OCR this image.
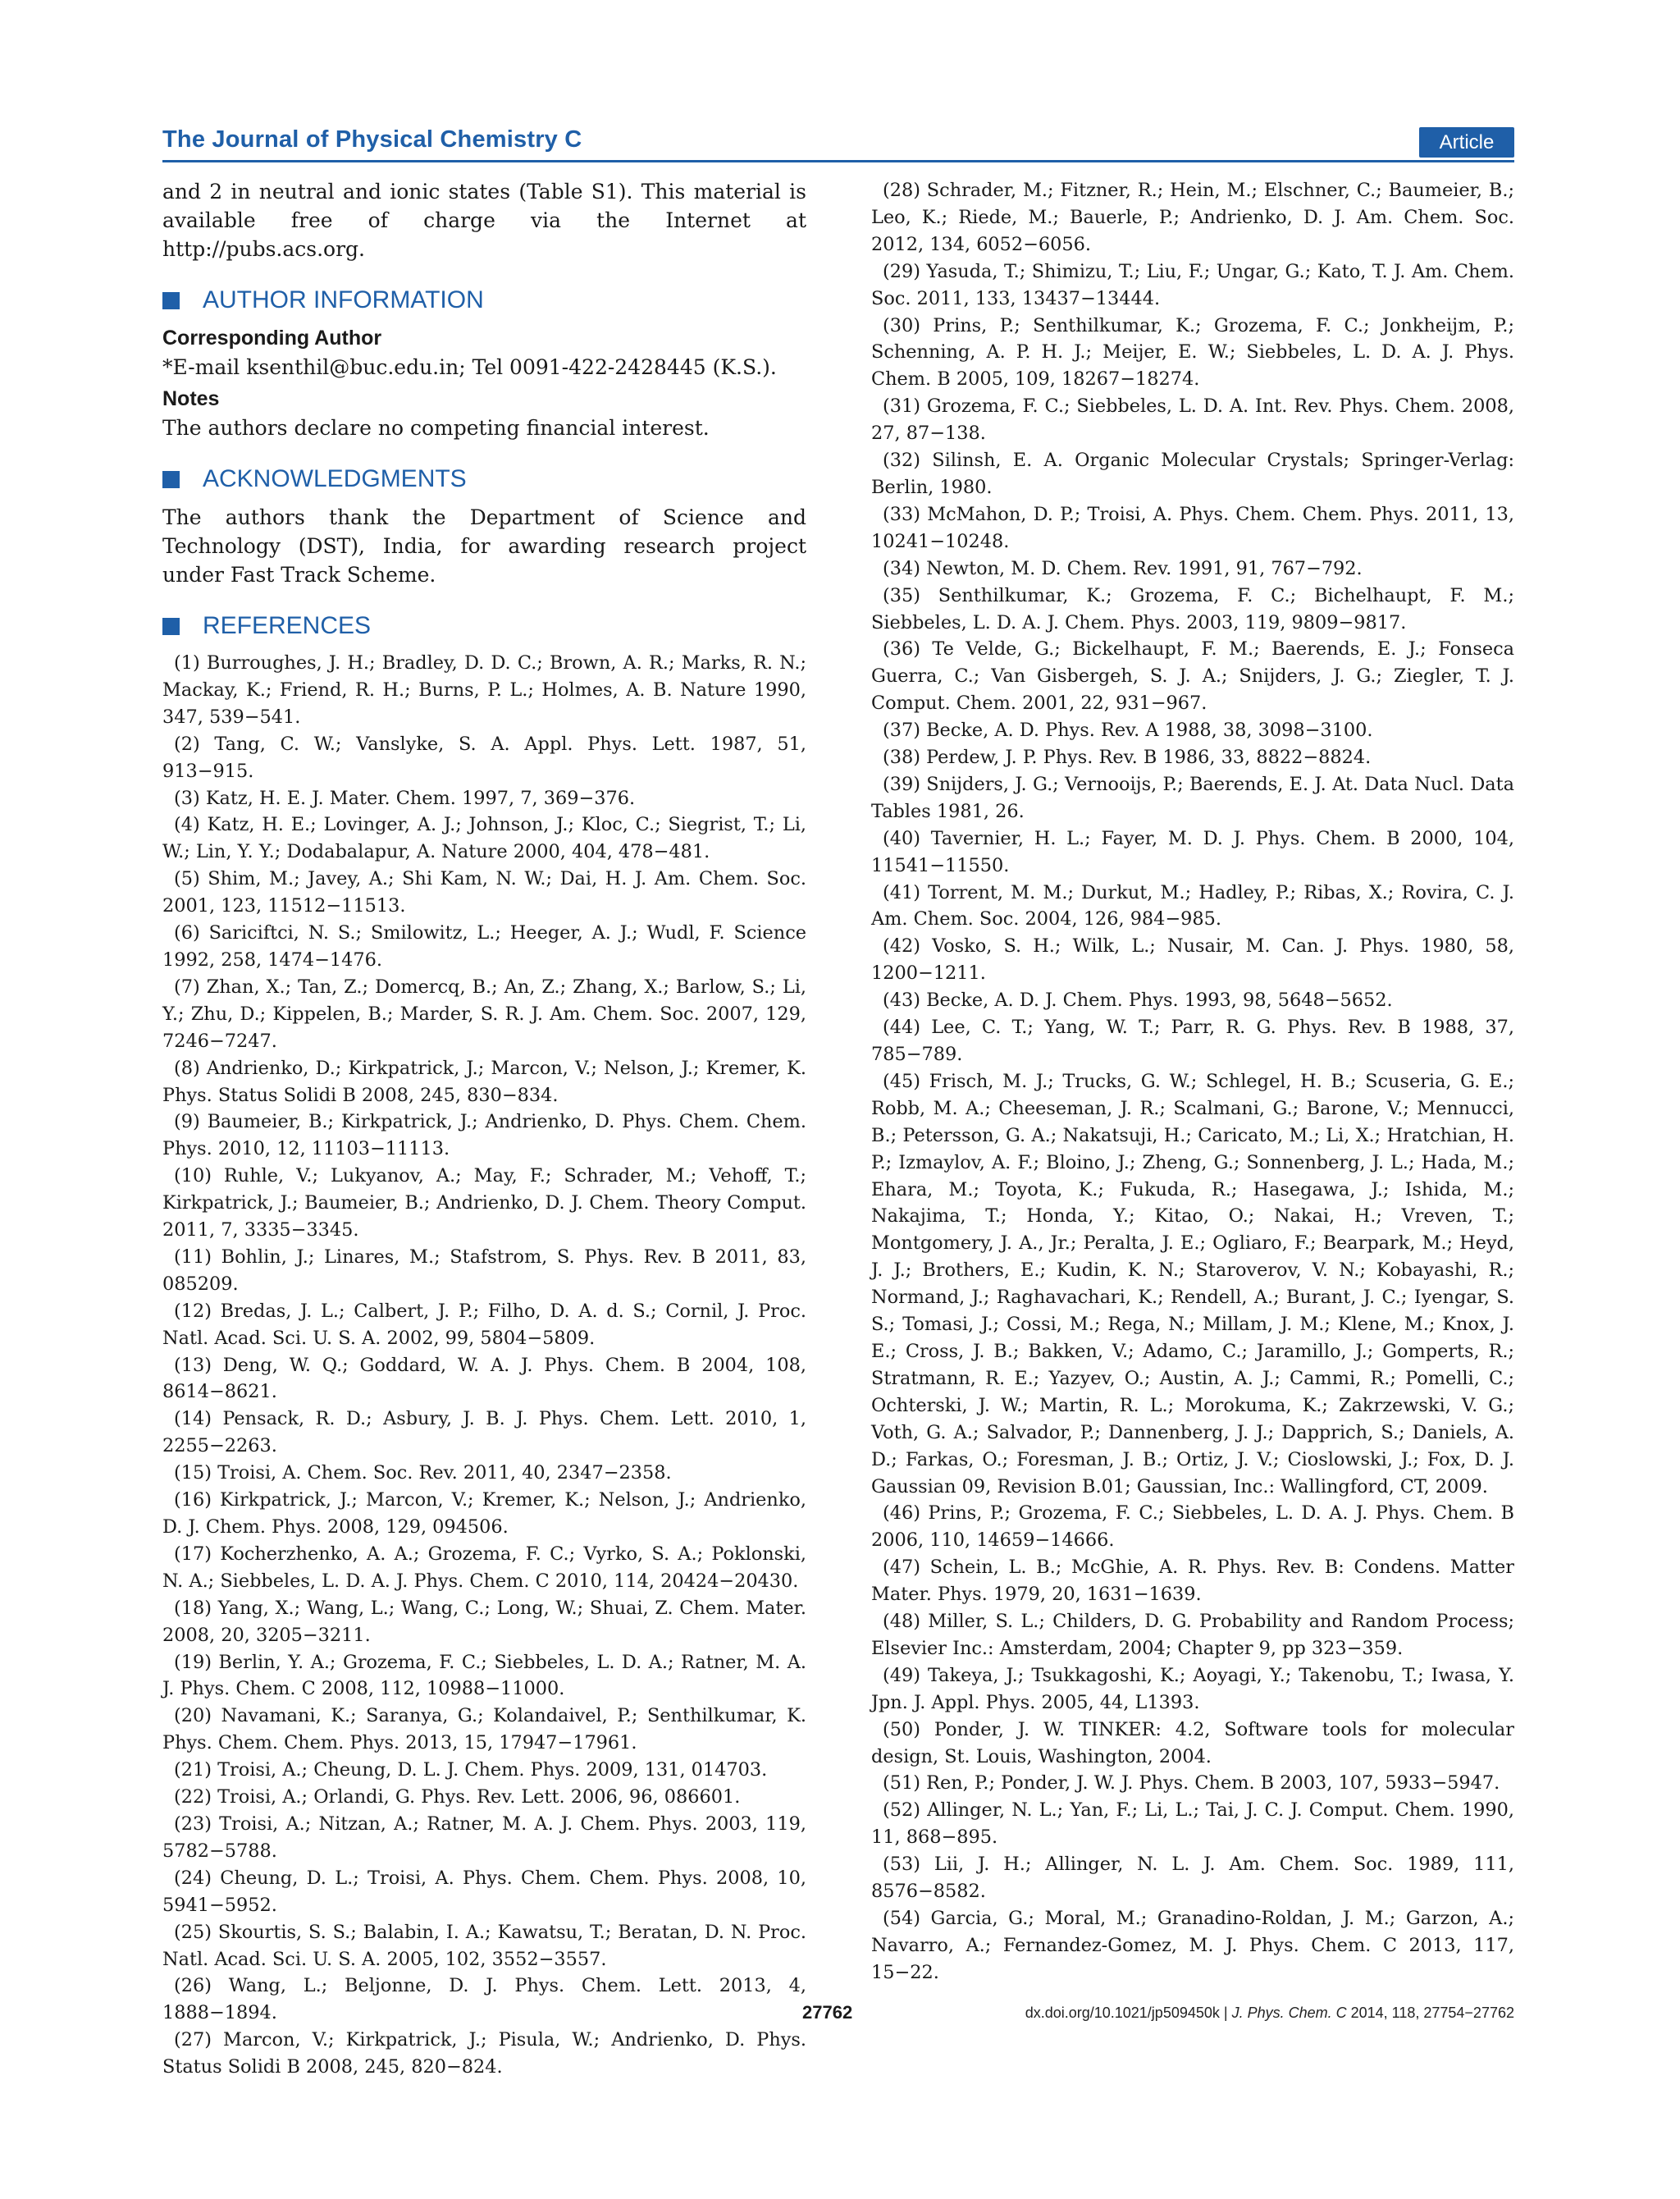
The Journal of Physical Chemistry C	Article

and 2 in neutral and ionic states (Table S1). This material is available free of charge via the Internet at http://pubs.acs.org.

AUTHOR INFORMATION
Corresponding Author

*E-mail ksenthil@buc.edu.in; Tel 0091-422-2428445 (K.S.).

Notes

The authors declare no competing financial interest.

ACKNOWLEDGMENTS

The authors thank the Department of Science and Technology (DST), India, for awarding research project under Fast Track Scheme.

REFERENCES

(1) Burroughes, J. H.; Bradley, D. D. C.; Brown, A. R.; Marks, R. N.; Mackay, K.; Friend, R. H.; Burns, P. L.; Holmes, A. B. Nature 1990, 347, 539−541.

(2) Tang, C. W.; Vanslyke, S. A. Appl. Phys. Lett. 1987, 51, 913−915.

(3) Katz, H. E. J. Mater. Chem. 1997, 7, 369−376.

(4) Katz, H. E.; Lovinger, A. J.; Johnson, J.; Kloc, C.; Siegrist, T.; Li, W.; Lin, Y. Y.; Dodabalapur, A. Nature 2000, 404, 478−481.

(5) Shim, M.; Javey, A.; Shi Kam, N. W.; Dai, H. J. Am. Chem. Soc. 2001, 123, 11512−11513.

(6) Sariciftci, N. S.; Smilowitz, L.; Heeger, A. J.; Wudl, F. Science 1992, 258, 1474−1476.

(7) Zhan, X.; Tan, Z.; Domercq, B.; An, Z.; Zhang, X.; Barlow, S.; Li, Y.; Zhu, D.; Kippelen, B.; Marder, S. R. J. Am. Chem. Soc. 2007, 129, 7246−7247.

(8) Andrienko, D.; Kirkpatrick, J.; Marcon, V.; Nelson, J.; Kremer, K. Phys. Status Solidi B 2008, 245, 830−834.

(9) Baumeier, B.; Kirkpatrick, J.; Andrienko, D. Phys. Chem. Chem. Phys. 2010, 12, 11103−11113.

(10) Ruhle, V.; Lukyanov, A.; May, F.; Schrader, M.; Vehoff, T.; Kirkpatrick, J.; Baumeier, B.; Andrienko, D. J. Chem. Theory Comput. 2011, 7, 3335−3345.

(11) Bohlin, J.; Linares, M.; Stafstrom, S. Phys. Rev. B 2011, 83, 085209.

(12) Bredas, J. L.; Calbert, J. P.; Filho, D. A. d. S.; Cornil, J. Proc. Natl. Acad. Sci. U. S. A. 2002, 99, 5804−5809.

(13) Deng, W. Q.; Goddard, W. A. J. Phys. Chem. B 2004, 108, 8614−8621.

(14) Pensack, R. D.; Asbury, J. B. J. Phys. Chem. Lett. 2010, 1, 2255−2263.

(15) Troisi, A. Chem. Soc. Rev. 2011, 40, 2347−2358.

(16) Kirkpatrick, J.; Marcon, V.; Kremer, K.; Nelson, J.; Andrienko, D. J. Chem. Phys. 2008, 129, 094506.

(17) Kocherzhenko, A. A.; Grozema, F. C.; Vyrko, S. A.; Poklonski, N. A.; Siebbeles, L. D. A. J. Phys. Chem. C 2010, 114, 20424−20430.

(18) Yang, X.; Wang, L.; Wang, C.; Long, W.; Shuai, Z. Chem. Mater. 2008, 20, 3205−3211.

(19) Berlin, Y. A.; Grozema, F. C.; Siebbeles, L. D. A.; Ratner, M. A. J. Phys. Chem. C 2008, 112, 10988−11000.

(20) Navamani, K.; Saranya, G.; Kolandaivel, P.; Senthilkumar, K. Phys. Chem. Chem. Phys. 2013, 15, 17947−17961.

(21) Troisi, A.; Cheung, D. L. J. Chem. Phys. 2009, 131, 014703.

(22) Troisi, A.; Orlandi, G. Phys. Rev. Lett. 2006, 96, 086601.

(23) Troisi, A.; Nitzan, A.; Ratner, M. A. J. Chem. Phys. 2003, 119, 5782−5788.

(24) Cheung, D. L.; Troisi, A. Phys. Chem. Chem. Phys. 2008, 10, 5941−5952.

(25) Skourtis, S. S.; Balabin, I. A.; Kawatsu, T.; Beratan, D. N. Proc. Natl. Acad. Sci. U. S. A. 2005, 102, 3552−3557.

(26) Wang, L.; Beljonne, D. J. Phys. Chem. Lett. 2013, 4, 1888−1894.

(27) Marcon, V.; Kirkpatrick, J.; Pisula, W.; Andrienko, D. Phys. Status Solidi B 2008, 245, 820−824.

(28) Schrader, M.; Fitzner, R.; Hein, M.; Elschner, C.; Baumeier, B.; Leo, K.; Riede, M.; Bauerle, P.; Andrienko, D. J. Am. Chem. Soc. 2012, 134, 6052−6056.

(29) Yasuda, T.; Shimizu, T.; Liu, F.; Ungar, G.; Kato, T. J. Am. Chem. Soc. 2011, 133, 13437−13444.

(30) Prins, P.; Senthilkumar, K.; Grozema, F. C.; Jonkheijm, P.; Schenning, A. P. H. J.; Meijer, E. W.; Siebbeles, L. D. A. J. Phys. Chem. B 2005, 109, 18267−18274.

(31) Grozema, F. C.; Siebbeles, L. D. A. Int. Rev. Phys. Chem. 2008, 27, 87−138.

(32) Silinsh, E. A. Organic Molecular Crystals; Springer-Verlag: Berlin, 1980.

(33) McMahon, D. P.; Troisi, A. Phys. Chem. Chem. Phys. 2011, 13, 10241−10248.

(34) Newton, M. D. Chem. Rev. 1991, 91, 767−792.

(35) Senthilkumar, K.; Grozema, F. C.; Bichelhaupt, F. M.; Siebbeles, L. D. A. J. Chem. Phys. 2003, 119, 9809−9817.

(36) Te Velde, G.; Bickelhaupt, F. M.; Baerends, E. J.; Fonseca Guerra, C.; Van Gisbergeh, S. J. A.; Snijders, J. G.; Ziegler, T. J. Comput. Chem. 2001, 22, 931−967.

(37) Becke, A. D. Phys. Rev. A 1988, 38, 3098−3100.

(38) Perdew, J. P. Phys. Rev. B 1986, 33, 8822−8824.

(39) Snijders, J. G.; Vernooijs, P.; Baerends, E. J. At. Data Nucl. Data Tables 1981, 26.

(40) Tavernier, H. L.; Fayer, M. D. J. Phys. Chem. B 2000, 104, 11541−11550.

(41) Torrent, M. M.; Durkut, M.; Hadley, P.; Ribas, X.; Rovira, C. J. Am. Chem. Soc. 2004, 126, 984−985.

(42) Vosko, S. H.; Wilk, L.; Nusair, M. Can. J. Phys. 1980, 58, 1200−1211.

(43) Becke, A. D. J. Chem. Phys. 1993, 98, 5648−5652.

(44) Lee, C. T.; Yang, W. T.; Parr, R. G. Phys. Rev. B 1988, 37, 785−789.

(45) Frisch, M. J.; Trucks, G. W.; Schlegel, H. B.; Scuseria, G. E.; Robb, M. A.; Cheeseman, J. R.; Scalmani, G.; Barone, V.; Mennucci, B.; Petersson, G. A.; Nakatsuji, H.; Caricato, M.; Li, X.; Hratchian, H. P.; Izmaylov, A. F.; Bloino, J.; Zheng, G.; Sonnenberg, J. L.; Hada, M.; Ehara, M.; Toyota, K.; Fukuda, R.; Hasegawa, J.; Ishida, M.; Nakajima, T.; Honda, Y.; Kitao, O.; Nakai, H.; Vreven, T.; Montgomery, J. A., Jr.; Peralta, J. E.; Ogliaro, F.; Bearpark, M.; Heyd, J. J.; Brothers, E.; Kudin, K. N.; Staroverov, V. N.; Kobayashi, R.; Normand, J.; Raghavachari, K.; Rendell, A.; Burant, J. C.; Iyengar, S. S.; Tomasi, J.; Cossi, M.; Rega, N.; Millam, J. M.; Klene, M.; Knox, J. E.; Cross, J. B.; Bakken, V.; Adamo, C.; Jaramillo, J.; Gomperts, R.; Stratmann, R. E.; Yazyev, O.; Austin, A. J.; Cammi, R.; Pomelli, C.; Ochterski, J. W.; Martin, R. L.; Morokuma, K.; Zakrzewski, V. G.; Voth, G. A.; Salvador, P.; Dannenberg, J. J.; Dapprich, S.; Daniels, A. D.; Farkas, O.; Foresman, J. B.; Ortiz, J. V.; Cioslowski, J.; Fox, D. J. Gaussian 09, Revision B.01; Gaussian, Inc.: Wallingford, CT, 2009.

(46) Prins, P.; Grozema, F. C.; Siebbeles, L. D. A. J. Phys. Chem. B 2006, 110, 14659−14666.

(47) Schein, L. B.; McGhie, A. R. Phys. Rev. B: Condens. Matter Mater. Phys. 1979, 20, 1631−1639.

(48) Miller, S. L.; Childers, D. G. Probability and Random Process; Elsevier Inc.: Amsterdam, 2004; Chapter 9, pp 323−359.

(49) Takeya, J.; Tsukkagoshi, K.; Aoyagi, Y.; Takenobu, T.; Iwasa, Y. Jpn. J. Appl. Phys. 2005, 44, L1393.

(50) Ponder, J. W. TINKER: 4.2, Software tools for molecular design, St. Louis, Washington, 2004.

(51) Ren, P.; Ponder, J. W. J. Phys. Chem. B 2003, 107, 5933−5947.

(52) Allinger, N. L.; Yan, F.; Li, L.; Tai, J. C. J. Comput. Chem. 1990, 11, 868−895.

(53) Lii, J. H.; Allinger, N. L. J. Am. Chem. Soc. 1989, 111, 8576−8582.

(54) Garcia, G.; Moral, M.; Granadino-Roldan, J. M.; Garzon, A.; Navarro, A.; Fernandez-Gomez, M. J. Phys. Chem. C 2013, 117, 15−22.

27762	dx.doi.org/10.1021/jp509450k | J. Phys. Chem. C 2014, 118, 27754−27762
